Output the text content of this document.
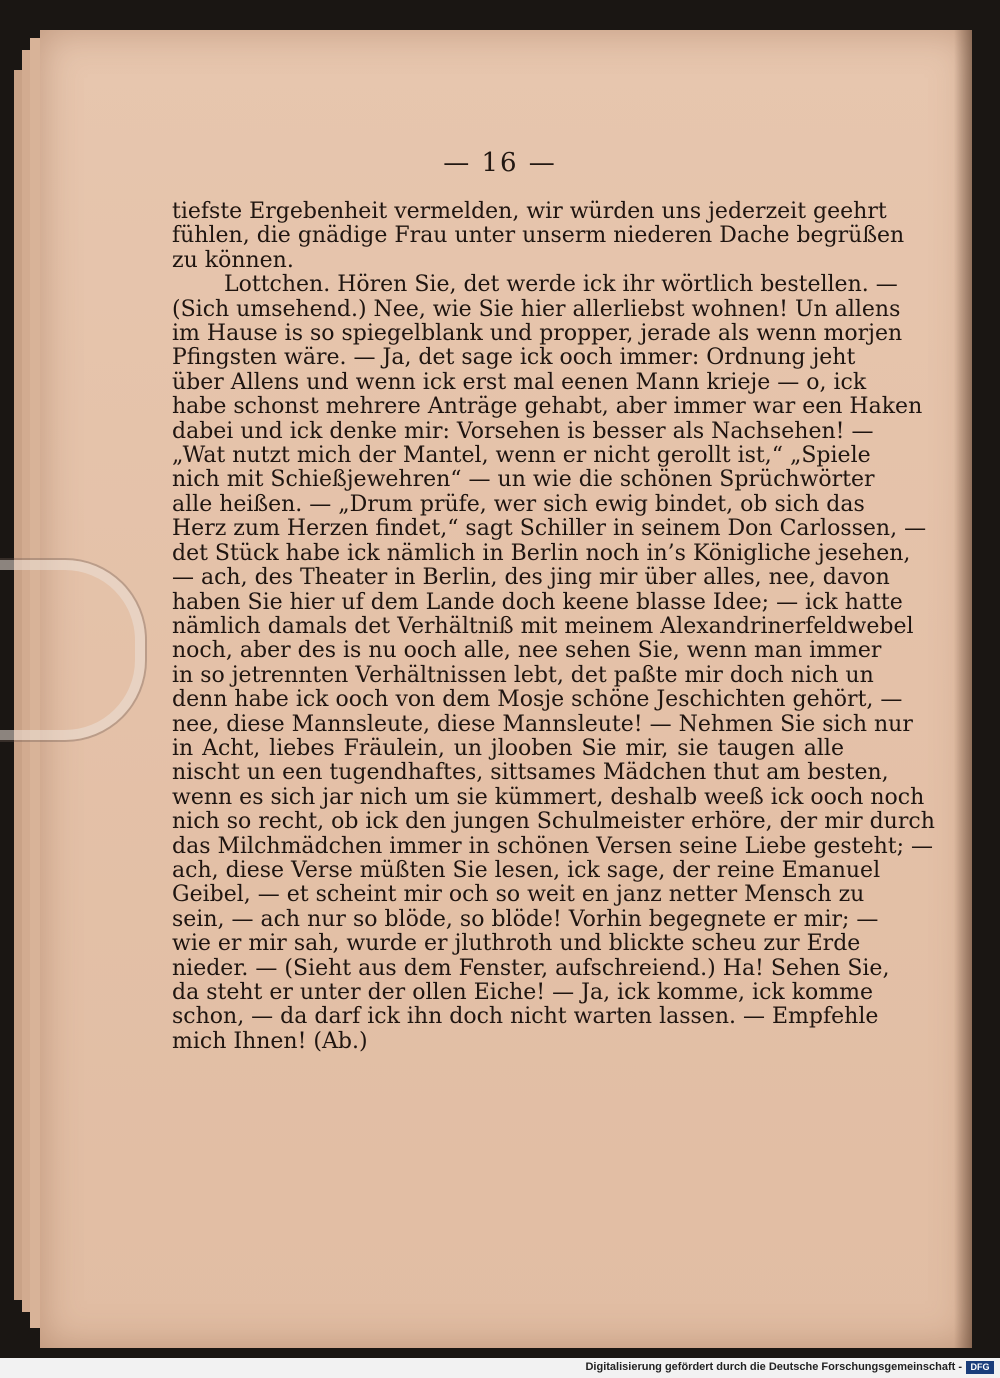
— 16 —
tiefste Ergebenheit vermelden, wir würden uns jederzeit geehrt
fühlen, die gnädige Frau unter unserm niederen Dache begrüßen
zu können.
Lottchen. Hören Sie, det werde ick ihr wörtlich bestellen. —
(Sich umsehend.) Nee, wie Sie hier allerliebst wohnen! Un allens
im Hause is so spiegelblank und propper, jerade als wenn morjen
Pfingsten wäre. — Ja, det sage ick ooch immer: Ordnung jeht
über Allens und wenn ick erst mal eenen Mann krieje — o, ick
habe schonst mehrere Anträge gehabt, aber immer war een Haken
dabei und ick denke mir: Vorsehen is besser als Nachsehen! —
„Wat nutzt mich der Mantel, wenn er nicht gerollt ist,“ „Spiele
nich mit Schießjewehren“ — un wie die schönen Sprüchwörter
alle heißen. — „Drum prüfe, wer sich ewig bindet, ob sich das
Herz zum Herzen findet,“ sagt Schiller in seinem Don Carlossen, —
det Stück habe ick nämlich in Berlin noch in’s Königliche jesehen,
— ach, des Theater in Berlin, des jing mir über alles, nee, davon
haben Sie hier uf dem Lande doch keene blasse Idee; — ick hatte
nämlich damals det Verhältniß mit meinem Alexandrinerfeldwebel
noch, aber des is nu ooch alle, nee sehen Sie, wenn man immer
in so jetrennten Verhältnissen lebt, det paßte mir doch nich un
denn habe ick ooch von dem Mosje schöne Jeschichten gehört, —
nee, diese Mannsleute, diese Mannsleute! — Nehmen Sie sich nur
in Acht, liebes Fräulein, un jlooben Sie mir, sie taugen alle
nischt un een tugendhaftes, sittsames Mädchen thut am besten,
wenn es sich jar nich um sie kümmert, deshalb weeß ick ooch noch
nich so recht, ob ick den jungen Schulmeister erhöre, der mir durch
das Milchmädchen immer in schönen Versen seine Liebe gesteht; —
ach, diese Verse müßten Sie lesen, ick sage, der reine Emanuel
Geibel, — et scheint mir och so weit en janz netter Mensch zu
sein, — ach nur so blöde, so blöde! Vorhin begegnete er mir; —
wie er mir sah, wurde er jluthroth und blickte scheu zur Erde
nieder. — (Sieht aus dem Fenster, aufschreiend.) Ha! Sehen Sie,
da steht er unter der ollen Eiche! — Ja, ick komme, ick komme
schon, — da darf ick ihn doch nicht warten lassen. — Empfehle
mich Ihnen! (Ab.)
Digitalisierung gefördert durch die Deutsche Forschungsgemeinschaft - DFG
